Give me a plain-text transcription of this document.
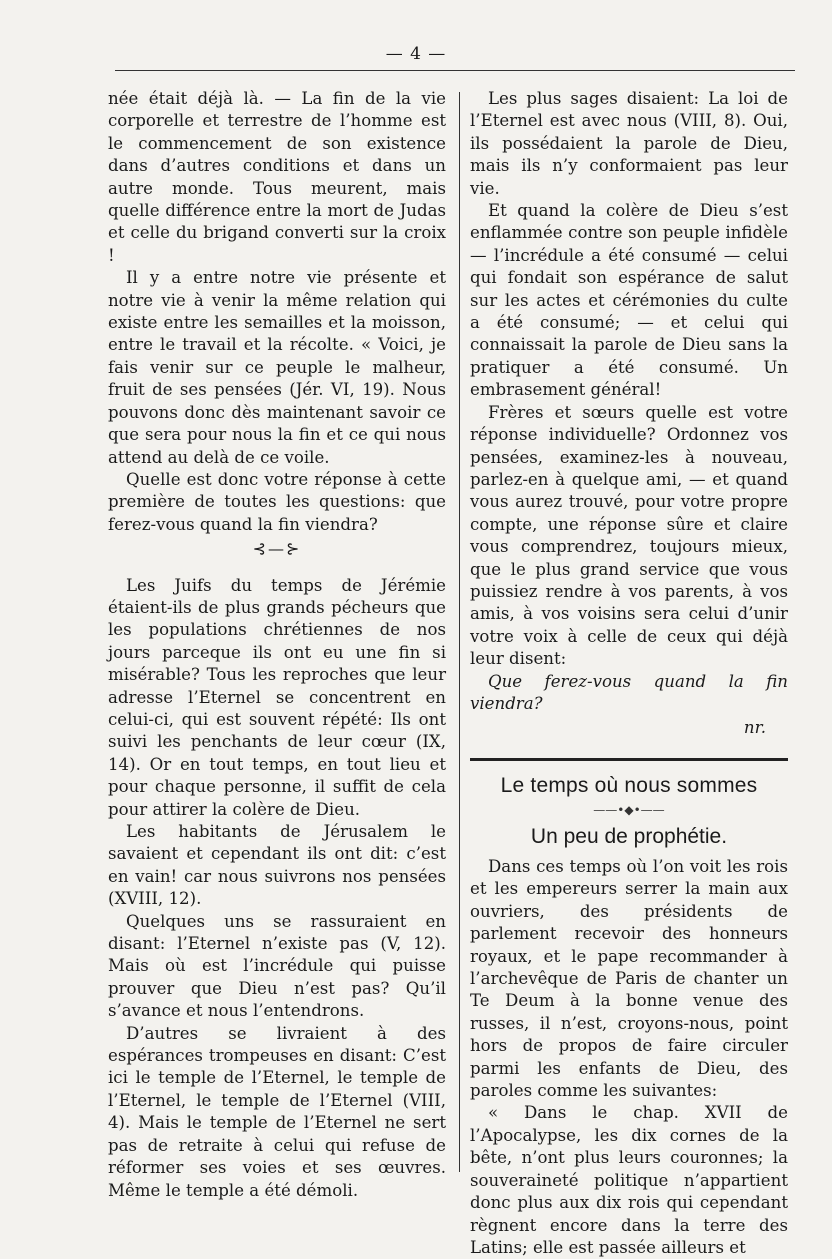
— 4 —

née était déjà là. — La fin de la vie corporelle et terrestre de l’homme est le commencement de son existence dans d’autres conditions et dans un autre monde. Tous meurent, mais quelle différence entre la mort de Judas et celle du brigand converti sur la croix !

Il y a entre notre vie présente et notre vie à venir la même relation qui existe entre les semailles et la moisson, entre le travail et la récolte. « Voici, je fais venir sur ce peuple le malheur, fruit de ses pensées (Jér. VI, 19). Nous pouvons donc dès maintenant savoir ce que sera pour nous la fin et ce qui nous attend au delà de ce voile.

Quelle est donc votre réponse à cette première de toutes les questions: que ferez-vous quand la fin viendra?

⊰—⊱

Les Juifs du temps de Jérémie étaient-ils de plus grands pécheurs que les populations chrétiennes de nos jours parceque ils ont eu une fin si misérable? Tous les reproches que leur adresse l’Eternel se concentrent en celui-ci, qui est souvent répété: Ils ont suivi les penchants de leur cœur (IX, 14). Or en tout temps, en tout lieu et pour chaque personne, il suffit de cela pour attirer la colère de Dieu.

Les habitants de Jérusalem le savaient et cependant ils ont dit: c’est en vain! car nous suivrons nos pensées (XVIII, 12).

Quelques uns se rassuraient en disant: l’Eternel n’existe pas (V, 12). Mais où est l’incrédule qui puisse prouver que Dieu n’est pas? Qu’il s’avance et nous l’entendrons.

D’autres se livraient à des espérances trompeuses en disant: C’est ici le temple de l’Eternel, le temple de l’Eternel, le temple de l’Eternel (VIII, 4). Mais le temple de l’Eternel ne sert pas de retraite à celui qui refuse de réformer ses voies et ses œuvres. Même le temple a été démoli.

Les plus sages disaient: La loi de l’Eternel est avec nous (VIII, 8). Oui, ils possédaient la parole de Dieu, mais ils n’y conformaient pas leur vie.

Et quand la colère de Dieu s’est enflammée contre son peuple infidèle — l’incrédule a été consumé — celui qui fondait son espérance de salut sur les actes et cérémonies du culte a été consumé; — et celui qui connaissait la parole de Dieu sans la pratiquer a été consumé. Un embrasement général!

Frères et sœurs quelle est votre réponse individuelle? Ordonnez vos pensées, examinez-les à nouveau, parlez-en à quelque ami, — et quand vous aurez trouvé, pour votre propre compte, une réponse sûre et claire vous comprendrez, toujours mieux, que le plus grand service que vous puissiez rendre à vos parents, à vos amis, à vos voisins sera celui d’unir votre voix à celle de ceux qui déjà leur disent:

Que ferez-vous quand la fin viendra?

nr.
Le temps où nous sommes
——•◆•——
Un peu de prophétie.

Dans ces temps où l’on voit les rois et les empereurs serrer la main aux ouvriers, des présidents de parlement recevoir des honneurs royaux, et le pape recommander à l’archevêque de Paris de chanter un Te Deum à la bonne venue des russes, il n’est, croyons-nous, point hors de propos de faire circuler parmi les enfants de Dieu, des paroles comme les suivantes:

« Dans le chap. XVII de l’Apocalypse, les dix cornes de la bête, n’ont plus leurs couronnes; la souveraineté politique n’appartient donc plus aux dix rois qui cependant règnent encore dans la terre des Latins; elle est passée ailleurs et
